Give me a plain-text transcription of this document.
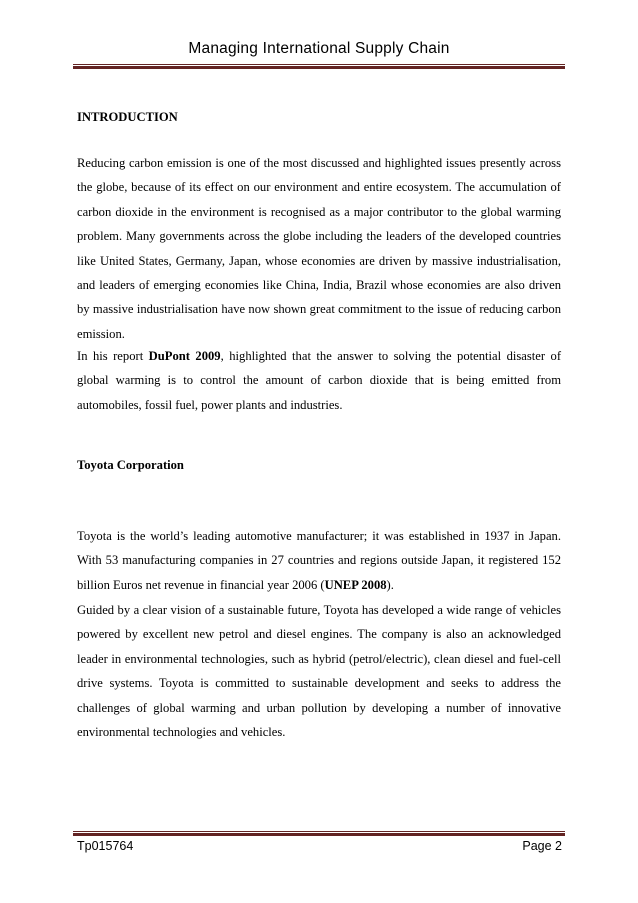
Managing International Supply Chain
INTRODUCTION

Reducing carbon emission is one of the most discussed and highlighted issues presently across the globe, because of its effect on our environment and entire ecosystem. The accumulation of carbon dioxide in the environment is recognised as a major contributor to the global warming problem. Many governments across the globe including the leaders of the developed countries like United States, Germany, Japan, whose economies are driven by massive industrialisation, and leaders of emerging economies like China, India, Brazil whose economies are also driven by massive industrialisation have now shown great commitment to the issue of reducing carbon emission.

In his report DuPont 2009, highlighted that the answer to solving the potential disaster of global warming is to control the amount of carbon dioxide that is being emitted from automobiles, fossil fuel, power plants and industries.

Toyota Corporation

Toyota is the world’s leading automotive manufacturer; it was established in 1937 in Japan. With 53 manufacturing companies in 27 countries and regions outside Japan, it registered 152 billion Euros net revenue in financial year 2006 (UNEP 2008).

Guided by a clear vision of a sustainable future, Toyota has developed a wide range of vehicles powered by excellent new petrol and diesel engines. The company is also an acknowledged leader in environmental technologies, such as hybrid (petrol/electric), clean diesel and fuel-cell drive systems. Toyota is committed to sustainable development and seeks to address the challenges of global warming and urban pollution by developing a number of innovative environmental technologies and vehicles.

Tp015764	Page 2
